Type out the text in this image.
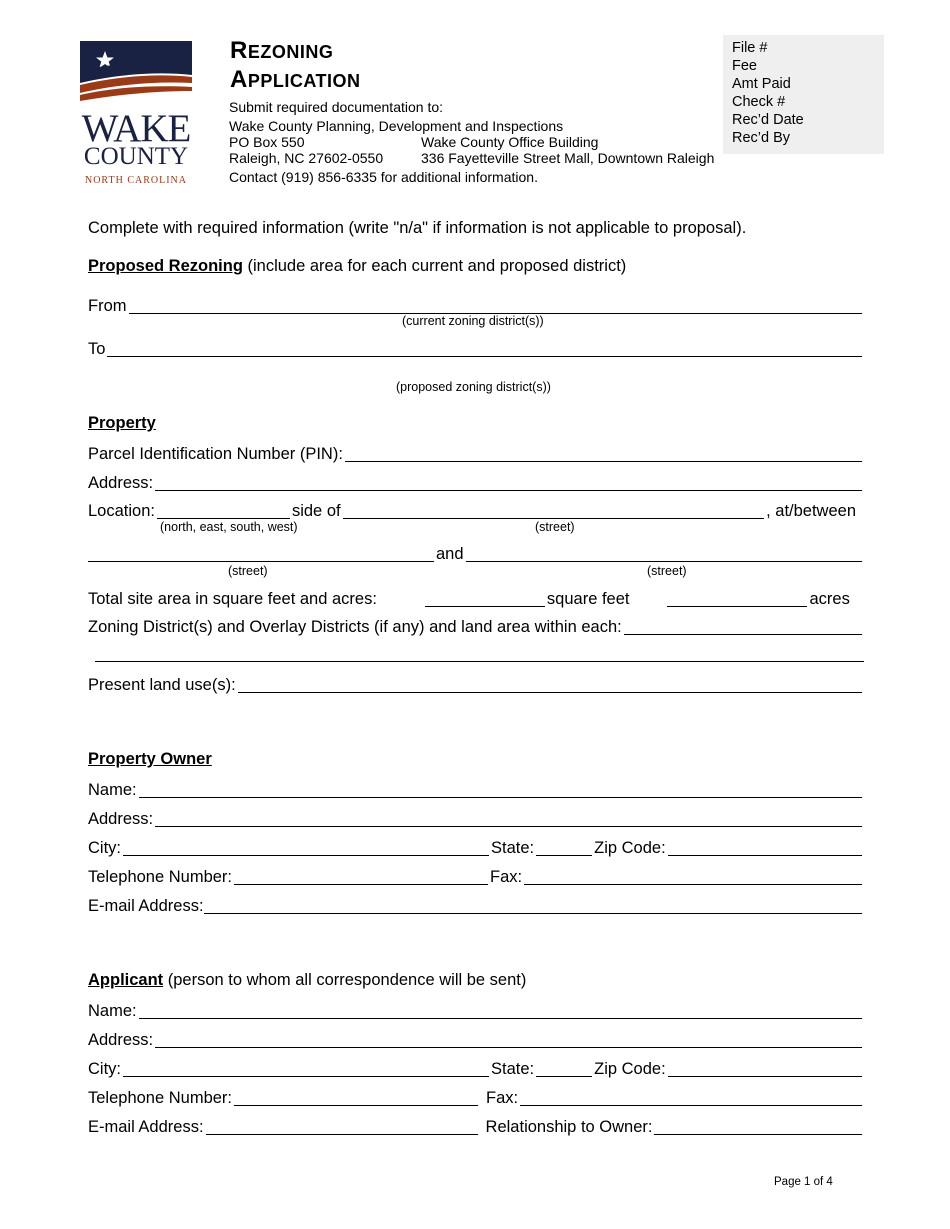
WAKE
COUNTY
NORTH CAROLINA
REZONING
APPLICATION
Submit required documentation to:
Wake County Planning, Development and Inspections
PO Box 550	Wake County Office Building
Raleigh, NC 27602-0550	336 Fayetteville Street Mall, Downtown Raleigh
Contact (919) 856-6335 for additional information.
File #
Fee
Amt Paid
Check #
Rec’d Date
Rec’d By
Complete with required information (write "n/a" if information is not applicable to proposal).
Proposed Rezoning (include area for each current and proposed district)
From
(current zoning district(s))
To
(proposed zoning district(s))
Property
Parcel Identification Number (PIN):
Address:
Location:	side of	, at/between
(north, east, south, west)	(street)
and
(street)	(street)
Total site area in square feet and acres:	square feet	acres
Zoning District(s) and Overlay Districts (if any) and land area within each:
Present land use(s):
Property Owner
Name:
Address:
City:	State:	Zip Code:
Telephone Number:	Fax:
E-mail Address:
Applicant (person to whom all correspondence will be sent)
Name:
Address:
City:	State:	Zip Code:
Telephone Number:	Fax:
E-mail Address:	Relationship to Owner:
Page 1 of 4
